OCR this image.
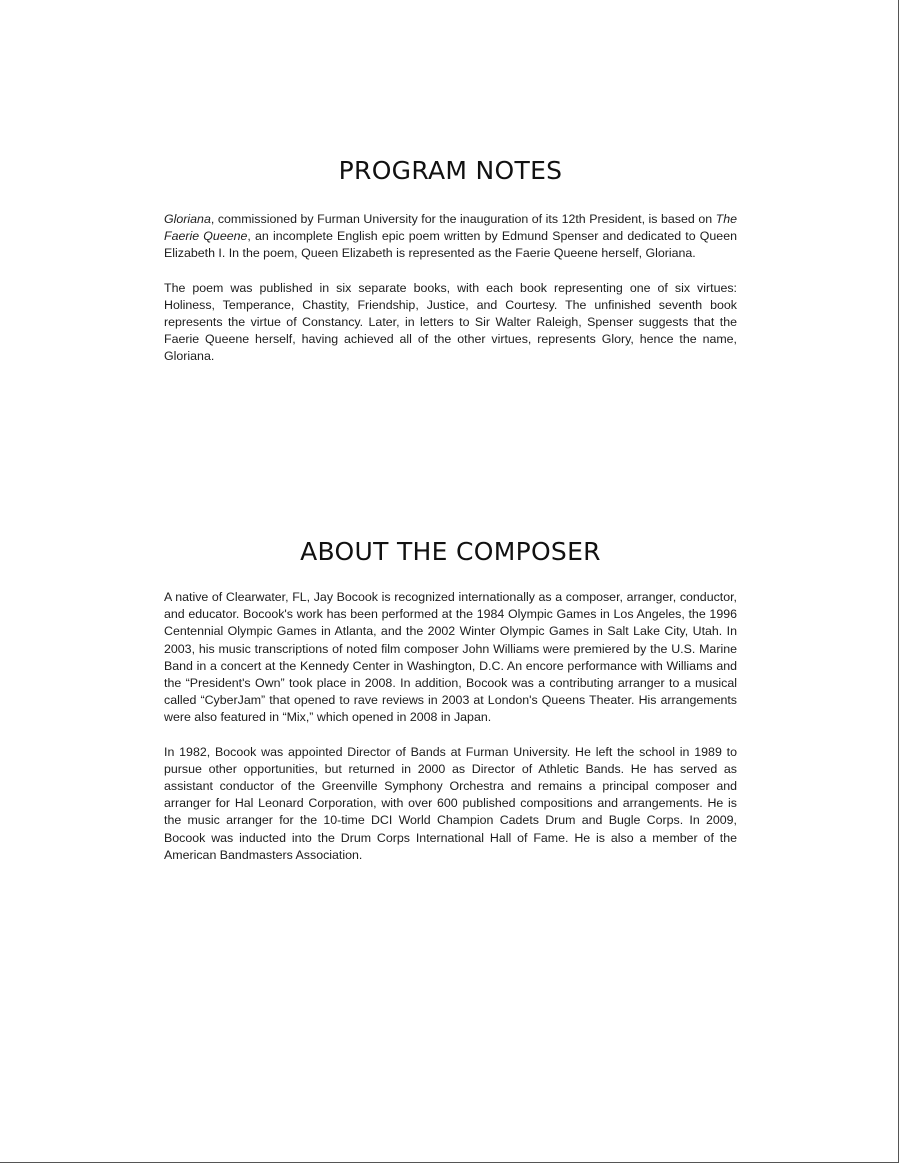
PROGRAM NOTES

Gloriana, commissioned by Furman University for the inauguration of its 12th President, is based on The Faerie Queene, an incomplete English epic poem written by Edmund Spenser and dedicated to Queen Elizabeth I. In the poem, Queen Elizabeth is represented as the Faerie Queene herself, Gloriana.

The poem was published in six separate books, with each book representing one of six virtues: Holiness, Temperance, Chastity, Friendship, Justice, and Courtesy. The unfinished seventh book represents the virtue of Constancy. Later, in letters to Sir Walter Raleigh, Spenser suggests that the Faerie Queene herself, having achieved all of the other virtues, represents Glory, hence the name, Gloriana.

ABOUT THE COMPOSER

A native of Clearwater, FL, Jay Bocook is recognized internationally as a composer, arranger, conductor, and educator. Bocook's work has been performed at the 1984 Olympic Games in Los Angeles, the 1996 Centennial Olympic Games in Atlanta, and the 2002 Winter Olympic Games in Salt Lake City, Utah. In 2003, his music transcriptions of noted film composer John Williams were premiered by the U.S. Marine Band in a concert at the Kennedy Center in Washington, D.C. An encore performance with Williams and the “President's Own” took place in 2008. In addition, Bocook was a contributing arranger to a musical called “CyberJam” that opened to rave reviews in 2003 at London's Queens Theater. His arrangements were also featured in “Mix,” which opened in 2008 in Japan.

In 1982, Bocook was appointed Director of Bands at Furman University. He left the school in 1989 to pursue other opportunities, but returned in 2000 as Director of Athletic Bands. He has served as assistant conductor of the Greenville Symphony Orchestra and remains a principal composer and arranger for Hal Leonard Corporation, with over 600 published compositions and arrangements. He is the music arranger for the 10-time DCI World Champion Cadets Drum and Bugle Corps. In 2009, Bocook was inducted into the Drum Corps International Hall of Fame. He is also a member of the American Bandmasters Association.
